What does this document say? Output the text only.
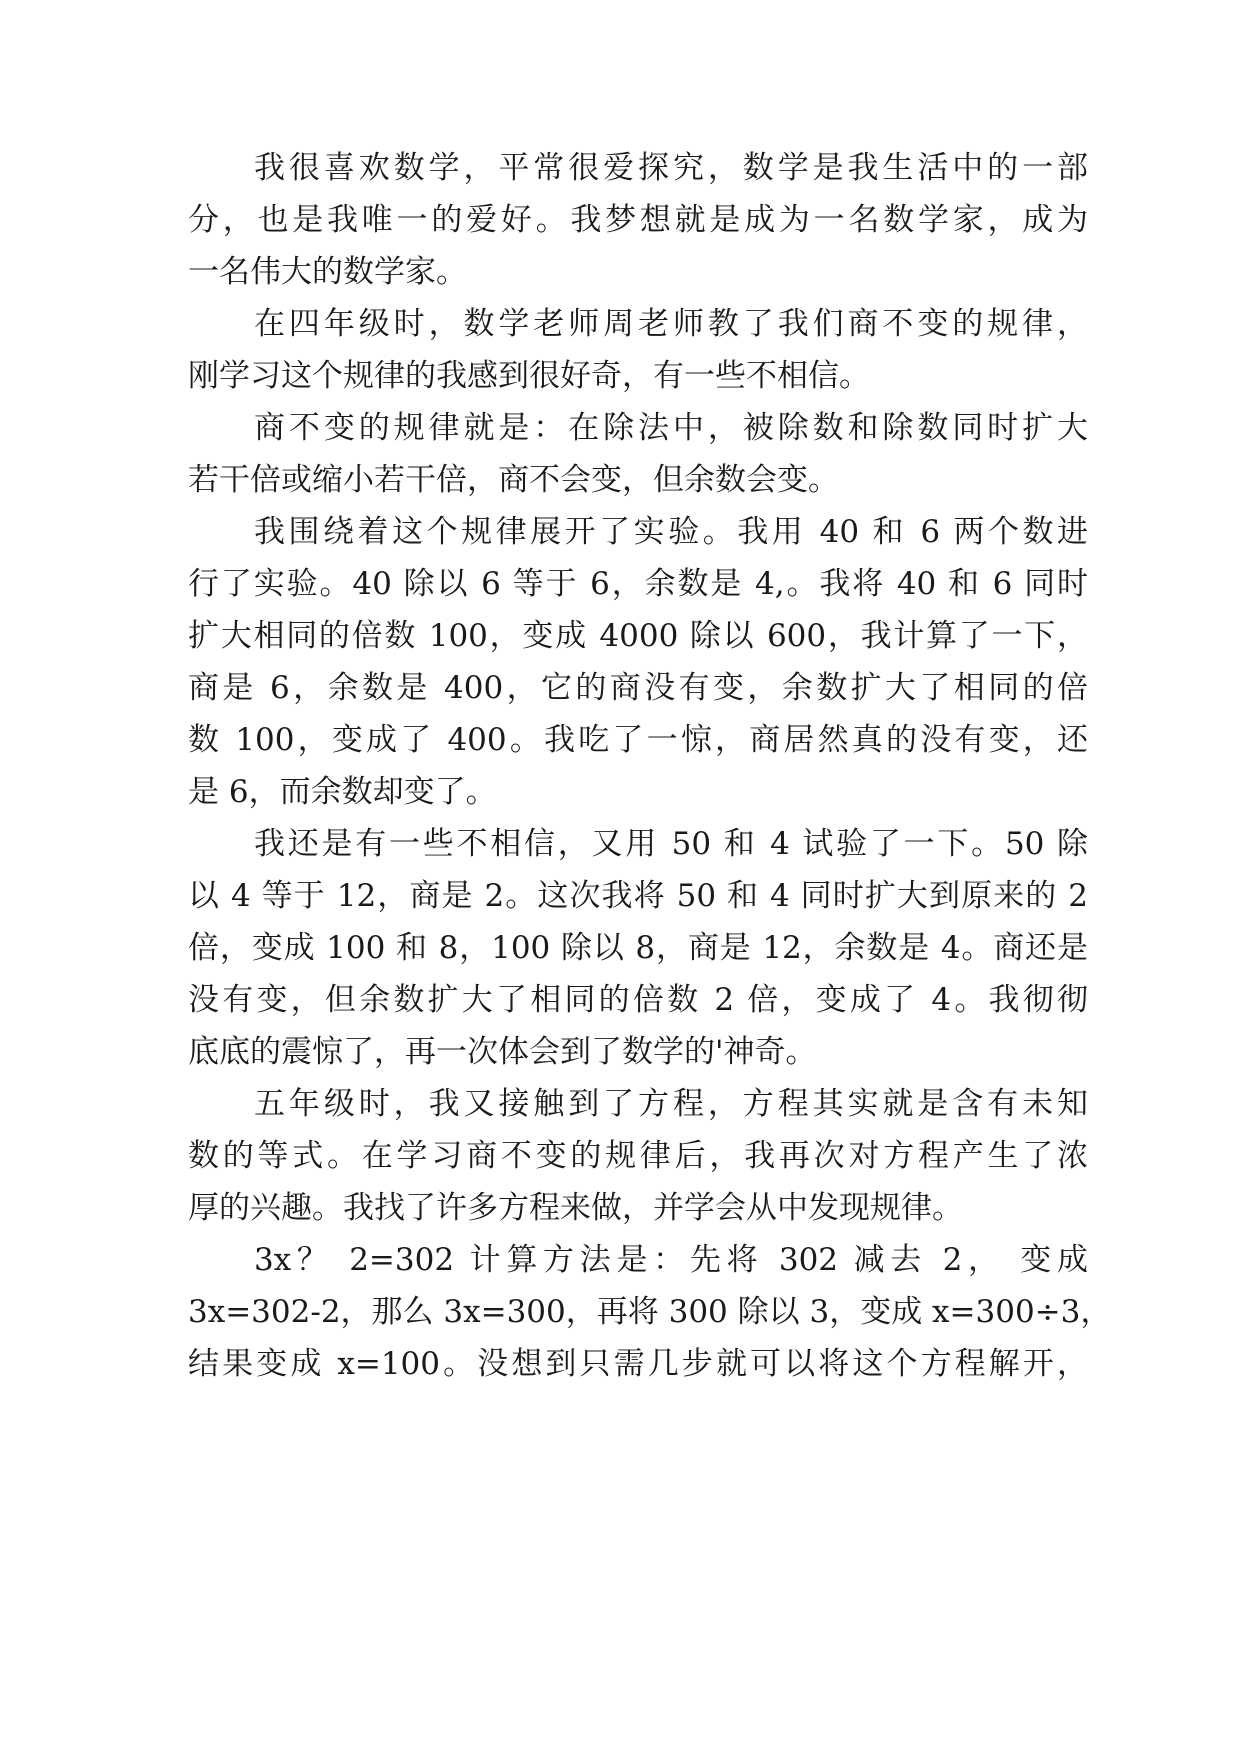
我很喜欢数学，平常很爱探究，数学是我生活中的一部

分，也是我唯一的爱好。我梦想就是成为一名数学家，成为

一名伟大的数学家。

在四年级时，数学老师周老师教了我们商不变的规律，

刚学习这个规律的我感到很好奇，有一些不相信。

商不变的规律就是：在除法中，被除数和除数同时扩大

若干倍或缩小若干倍，商不会变，但余数会变。

我围绕着这个规律展开了实验。我用 40 和 6 两个数进

行了实验。40 除以 6 等于 6，余数是 4,。我将 40 和 6 同时

扩大相同的倍数 100，变成 4000 除以 600，我计算了一下，

商是 6，余数是 400，它的商没有变，余数扩大了相同的倍

数 100，变成了 400。我吃了一惊，商居然真的没有变，还

是 6，而余数却变了。

我还是有一些不相信，又用 50 和 4 试验了一下。50 除

以 4 等于 12，商是 2。这次我将 50 和 4 同时扩大到原来的 2

倍，变成 100 和 8，100 除以 8，商是 12，余数是 4。商还是

没有变，但余数扩大了相同的倍数 2 倍，变成了 4。我彻彻

底底的震惊了，再一次体会到了数学的'神奇。

五年级时，我又接触到了方程，方程其实就是含有未知

数的等式。在学习商不变的规律后，我再次对方程产生了浓

厚的兴趣。我找了许多方程来做，并学会从中发现规律。

3x？ 2=302 计算方法是：先将 302 减去 2， 变成

3x=302-2，那么 3x=300，再将 300 除以 3，变成 x=300÷3，

结果变成 x=100。没想到只需几步就可以将这个方程解开，
